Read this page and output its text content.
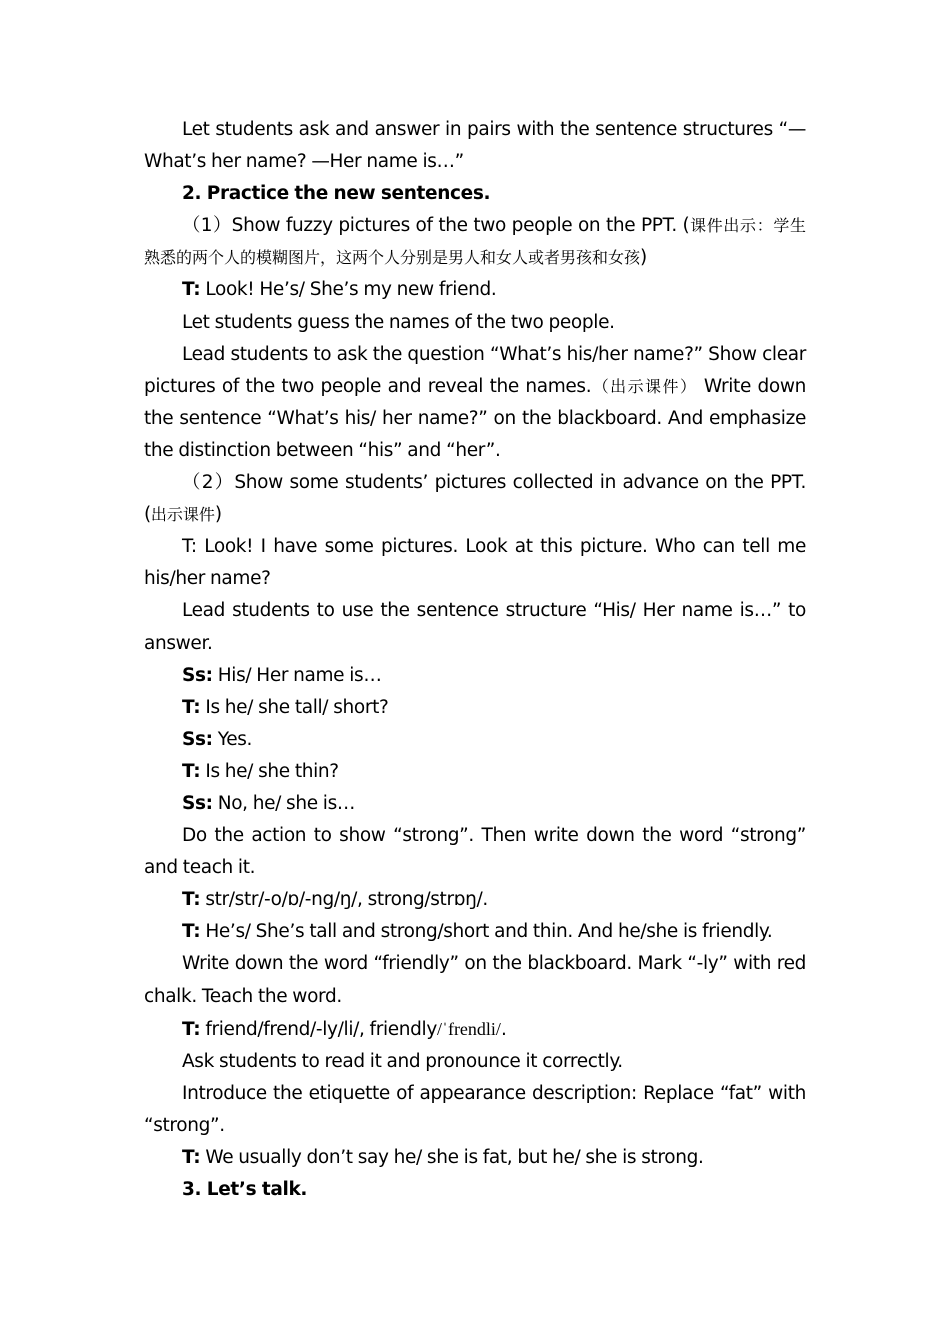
Let students ask and answer in pairs with the sentence structures “—What’s her name? —Her name is…”

2. Practice the new sentences.

（1）Show fuzzy pictures of the two people on the PPT. (课件出示：学生熟悉的两个人的模糊图片，这两个人分别是男人和女人或者男孩和女孩)

T: Look! He’s/ She’s my new friend.

Let students guess the names of the two people.

Lead students to ask the question “What’s his/her name?” Show clear pictures of the two people and reveal the names.（出示课件） Write down the sentence “What’s his/ her name?” on the blackboard. And emphasize the distinction between “his” and “her”.

（2）Show some students’ pictures collected in advance on the PPT. (出示课件)

T: Look! I have some pictures. Look at this picture. Who can tell me his/her name?

Lead students to use the sentence structure “His/ Her name is…” to answer.

Ss: His/ Her name is…

T: Is he/ she tall/ short?

Ss: Yes.

T: Is he/ she thin?

Ss: No, he/ she is…

Do the action to show “strong”. Then write down the word “strong” and teach it.

T: str/str/-o/ɒ/-ng/ŋ/, strong/strɒŋ/.

T: He’s/ She’s tall and strong/short and thin. And he/she is friendly.

Write down the word “friendly” on the blackboard. Mark “-ly” with red chalk. Teach the word.

T: friend/frend/-ly/li/, friendly/ˈfrendli/.

Ask students to read it and pronounce it correctly.

Introduce the etiquette of appearance description: Replace “fat” with “strong”.

T: We usually don’t say he/ she is fat, but he/ she is strong.

3. Let’s talk.
